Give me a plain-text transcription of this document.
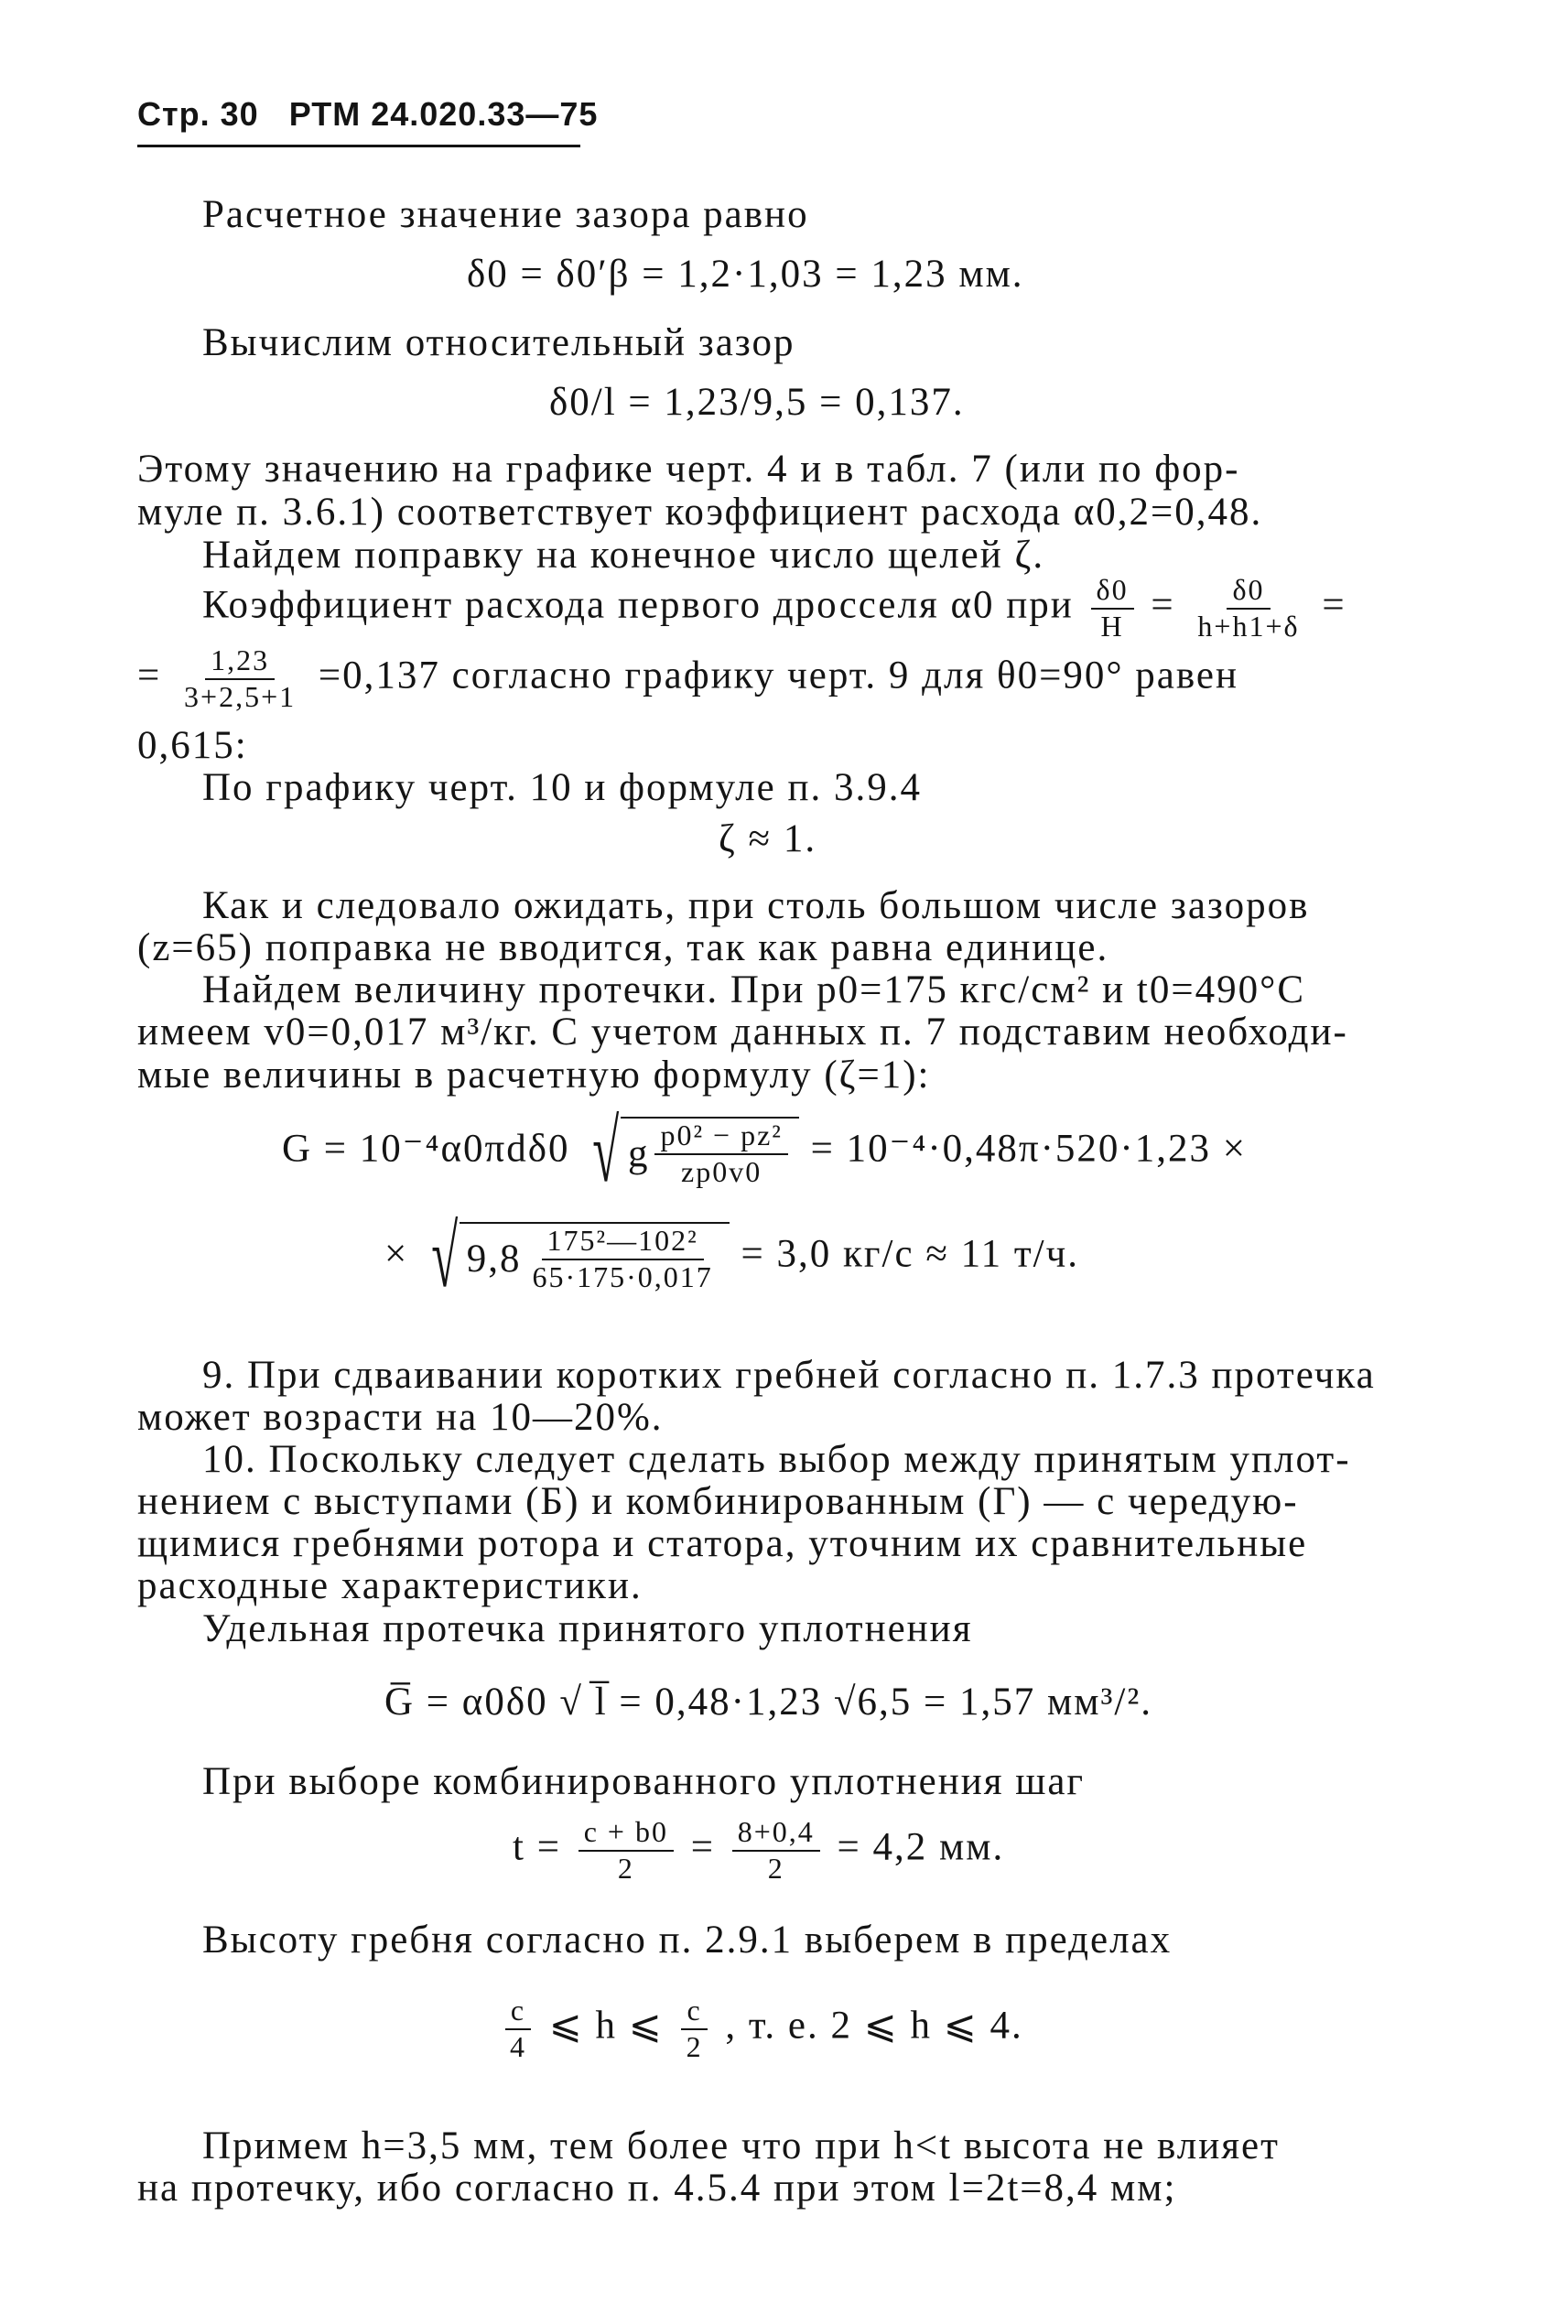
Стр. 30 РТМ 24.020.33—75
Расчетное значение зазора равно
δ0 = δ0′β = 1,2·1,03 = 1,23 мм.
Вычислим относительный зазор
δ0/l = 1,23/9,5 = 0,137.
Этому значению на графике черт. 4 и в табл. 7 (или по фор-
муле п. 3.6.1) соответствует коэффициент расхода α0,2=0,48.
Найдем поправку на конечное число щелей ζ.
Коэффициент расхода первого дросселя α0 при $\frac{\delta 0}{H} = \frac{\delta 0}{h+h1+\delta}$ =
= $\frac{1,23}{3+2,5+1} =0,137$ согласно графику черт. 9 для θ0=90° равен
0,615:
По графику черт. 10 и формуле п. 3.9.4
ζ ≈ 1.
Как и следовало ожидать, при столь большом числе зазоров
(z=65) поправка не вводится, так как равна единице.
Найдем величину протечки. При p0=175 кгс/см² и t0=490°С
имеем v0=0,017 м³/кг. С учетом данных п. 7 подставим необходи-
мые величины в расчетную формулу (ζ=1):
G = 10⁻⁴α0πdδ0 √ g $\frac{\text{p0² − pz²}}{zp0v0} = 10^{-4}\cdot 0,48\pi\cdot 520\cdot 1,23$ ×
× √ $9,8 \frac{\text{175²—102²}}{65\cdot 175\cdot 0,017} = 3,0$ кг/с ≈ 11 т/ч.
9. При сдваивании коротких гребней согласно п. 1.7.3 протечка
может возрасти на 10—20%.
10. Поскольку следует сделать выбор между принятым уплот-
нением с выступами (Б) и комбинированным (Г) — с чередую-
щимися гребнями ротора и статора, уточним их сравнительные
расходные характеристики.
Удельная протечка принятого уплотнения
G̅ = α0δ0 √ l̅ = 0,48·1,23 √6,5 = 1,57 мм³/².
При выборе комбинированного уплотнения шаг
$t = \frac{c + b0}{2} = \frac{8+0,4}{2} = 4,2$ мм.
Высоту гребня согласно п. 2.9.1 выберем в пределах
$\frac{c}{4}$ ⩽ h ⩽ $\frac{c}{2}$ , т. е. 2 ⩽ h ⩽ 4.
Примем h=3,5 мм, тем более что при h<t высота не влияет
на протечку, ибо согласно п. 4.5.4 при этом l=2t=8,4 мм;
